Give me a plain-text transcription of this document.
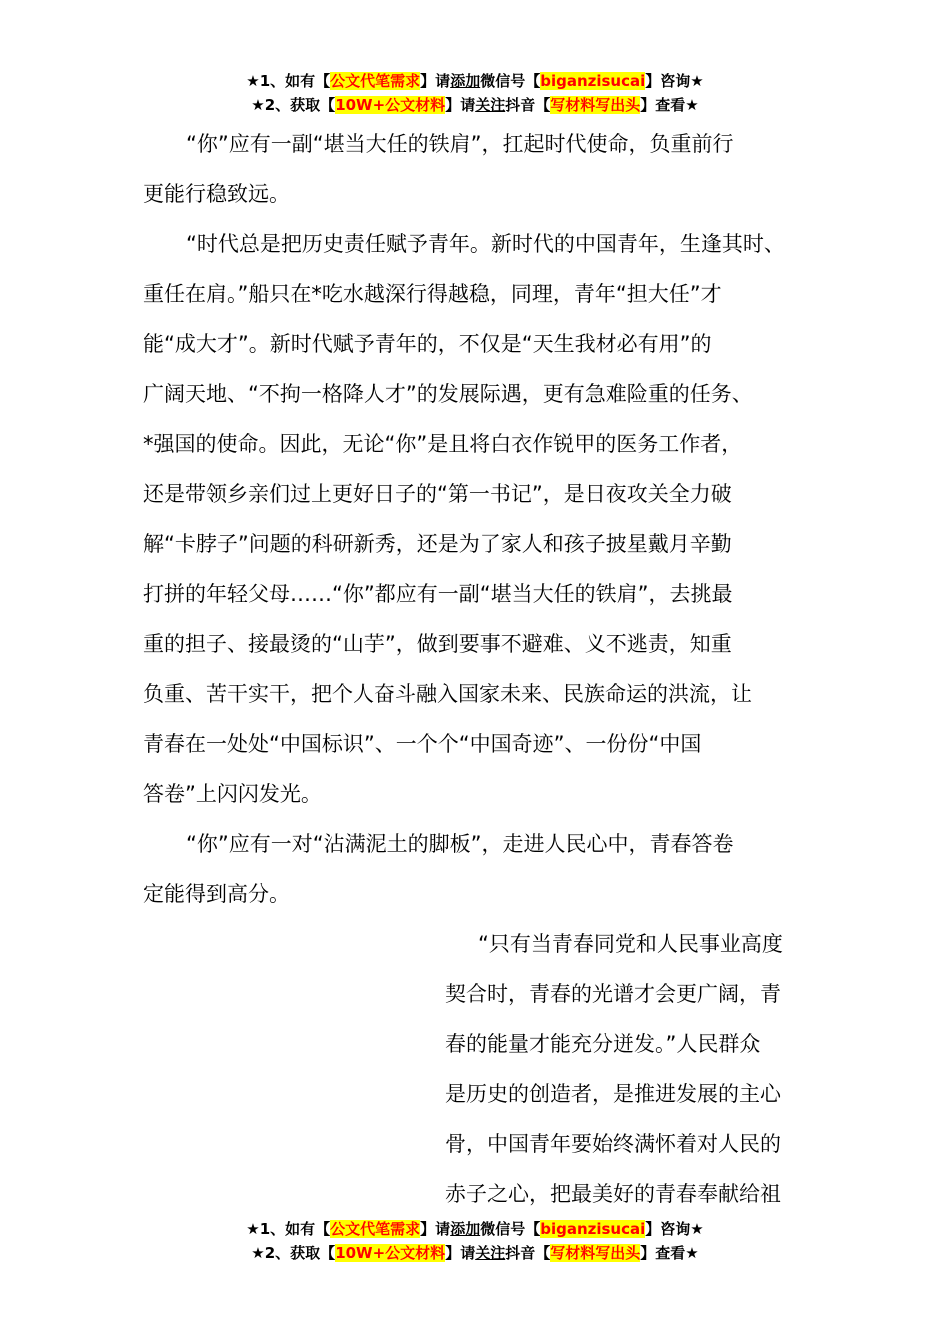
★1、如有【公文代笔需求】请添加微信号【biganzisucai】咨询★
★2、获取【10W+公文材料】请关注抖音【写材料写出头】查看★
“你”应有一副“堪当大任的铁肩”，扛起时代使命，负重前行
更能行稳致远。
“时代总是把历史责任赋予青年。新时代的中国青年，生逢其时、
重任在肩。”船只在*吃水越深行得越稳，同理，青年“担大任”才
能“成大才”。新时代赋予青年的，不仅是“天生我材必有用”的
广阔天地、“不拘一格降人才”的发展际遇，更有急难险重的任务、
*强国的使命。因此，无论“你”是且将白衣作锐甲的医务工作者，
还是带领乡亲们过上更好日子的“第一书记”，是日夜攻关全力破
解“卡脖子”问题的科研新秀，还是为了家人和孩子披星戴月辛勤
打拼的年轻父母……“你”都应有一副“堪当大任的铁肩”，去挑最
重的担子、接最烫的“山芋”，做到要事不避难、义不逃责，知重
负重、苦干实干，把个人奋斗融入国家未来、民族命运的洪流，让
青春在一处处“中国标识”、一个个“中国奇迹”、一份份“中国
答卷”上闪闪发光。
“你”应有一对“沾满泥土的脚板”，走进人民心中，青春答卷
定能得到高分。
“只有当青春同党和人民事业高度
契合时，青春的光谱才会更广阔，青
春的能量才能充分迸发。”人民群众
是历史的创造者，是推进发展的主心
骨，中国青年要始终满怀着对人民的
赤子之心，把最美好的青春奉献给祖
★1、如有【公文代笔需求】请添加微信号【biganzisucai】咨询★
★2、获取【10W+公文材料】请关注抖音【写材料写出头】查看★
